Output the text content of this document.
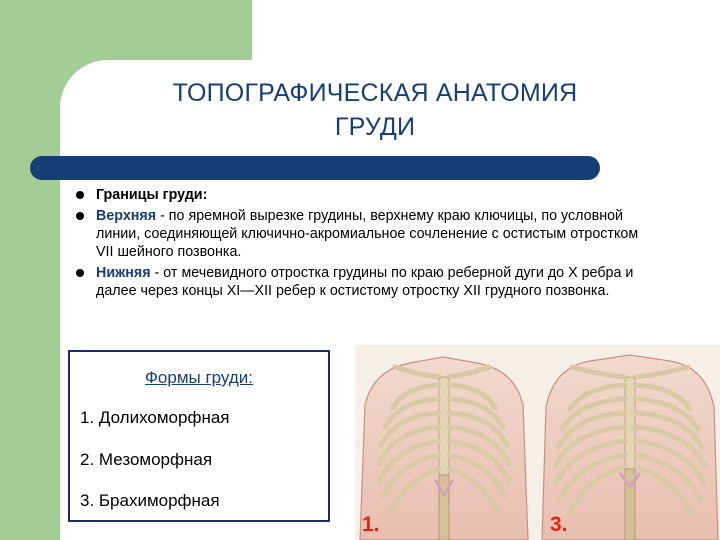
ТОПОГРАФИЧЕСКАЯ АНАТОМИЯ
ГРУДИ
Границы груди:
Верхняя - по яремной вырезке грудины, верхнему краю ключицы, по условной линии, соединяющей ключично-акромиальное сочленение с остистым отростком VII шейного позвонка.
Нижняя - от мечевидного отростка грудины по краю реберной дуги до X ребра и далее через концы XI—XII ребер к остистому отростку XII грудного позвонка.
Формы груди:
1. Долихоморфная
2. Мезоморфная
3. Брахиморфная
1.	3.
